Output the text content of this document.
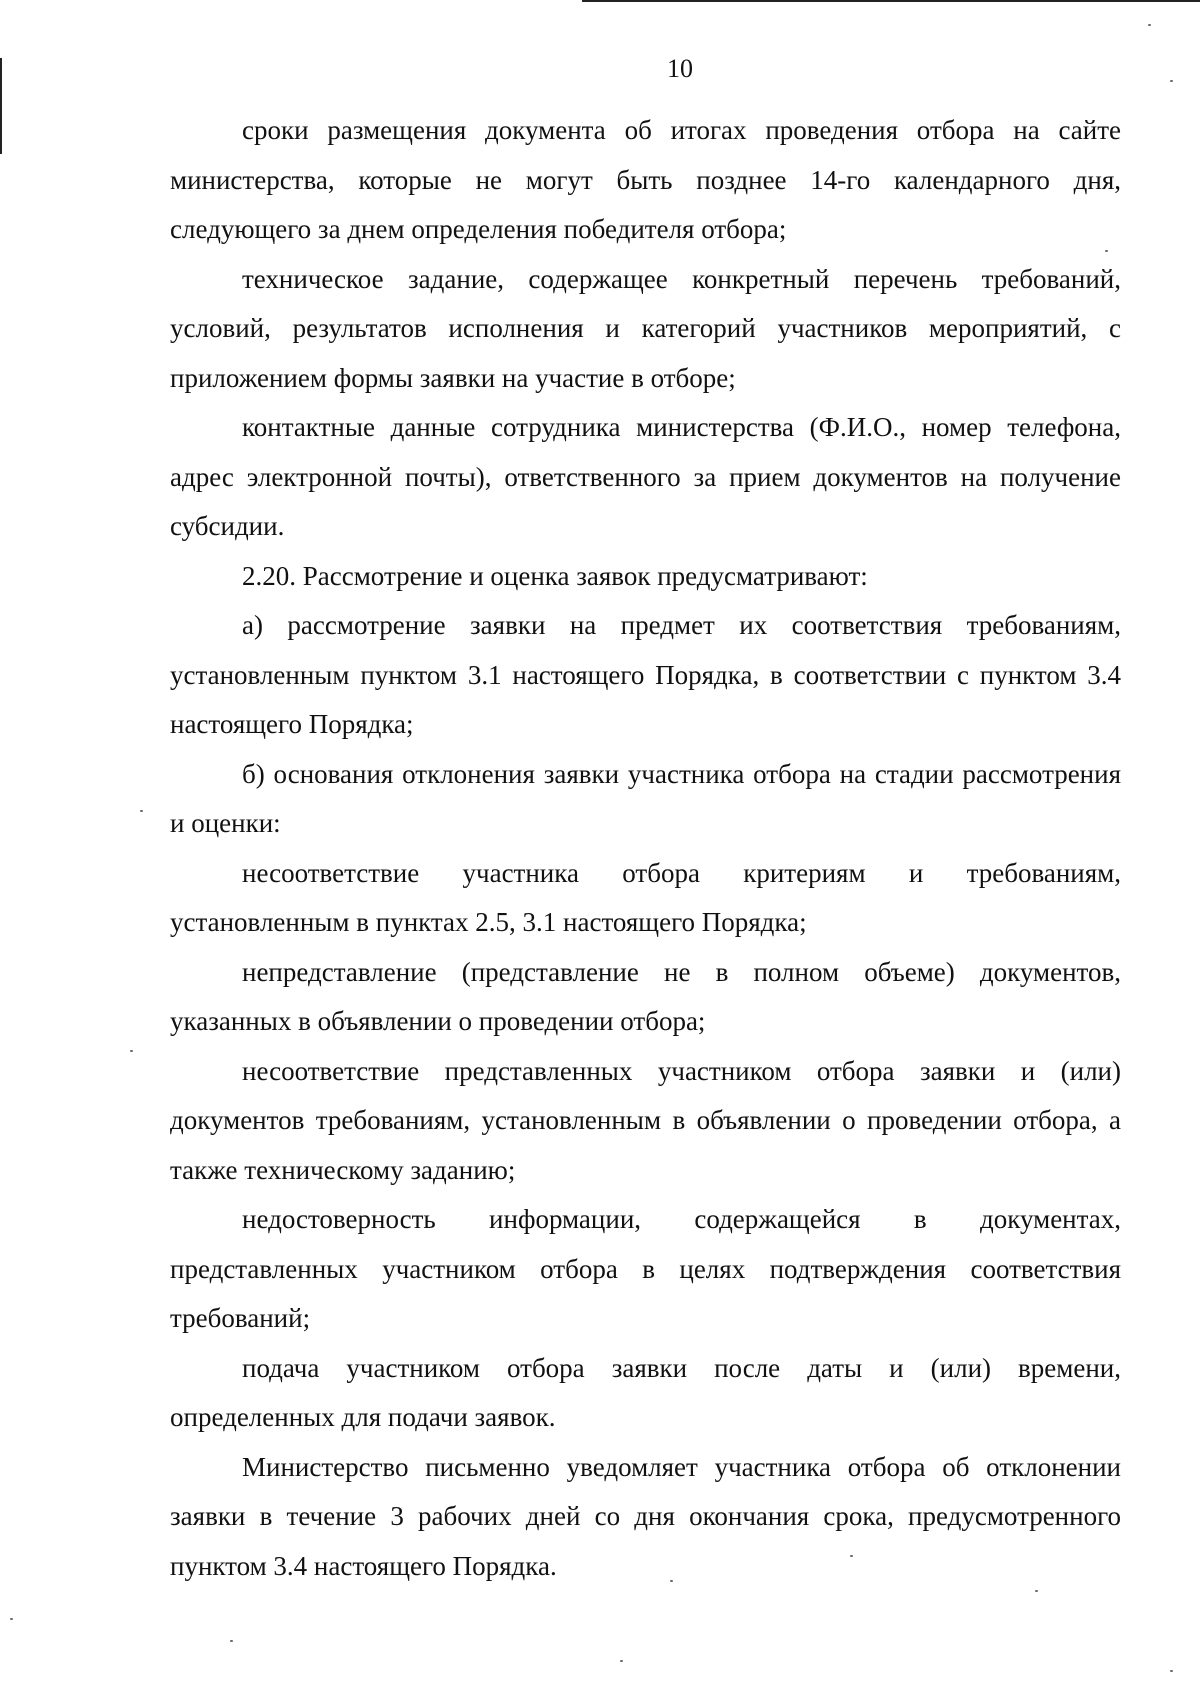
10

сроки размещения документа об итогах проведения отбора на сайте министерства, которые не могут быть позднее 14-го календарного дня, следующего за днем определения победителя отбора;

техническое задание, содержащее конкретный перечень требований, условий, результатов исполнения и категорий участников мероприятий, с приложением формы заявки на участие в отборе;

контактные данные сотрудника министерства (Ф.И.О., номер телефона, адрес электронной почты), ответственного за прием документов на получение субсидии.

2.20. Рассмотрение и оценка заявок предусматривают:

а) рассмотрение заявки на предмет их соответствия требованиям, установленным пунктом 3.1 настоящего Порядка, в соответствии с пунктом 3.4 настоящего Порядка;

б) основания отклонения заявки участника отбора на стадии рассмотрения и оценки:

несоответствие участника отбора критериям и требованиям, установленным в пунктах 2.5, 3.1 настоящего Порядка;

непредставление (представление не в полном объеме) документов, указанных в объявлении о проведении отбора;

несоответствие представленных участником отбора заявки и (или) документов требованиям, установленным в объявлении о проведении отбора, а также техническому заданию;

недостоверность информации, содержащейся в документах, представленных участником отбора в целях подтверждения соответствия требований;

подача участником отбора заявки после даты и (или) времени, определенных для подачи заявок.

Министерство письменно уведомляет участника отбора об отклонении заявки в течение 3 рабочих дней со дня окончания срока, предусмотренного пунктом 3.4 настоящего Порядка.
